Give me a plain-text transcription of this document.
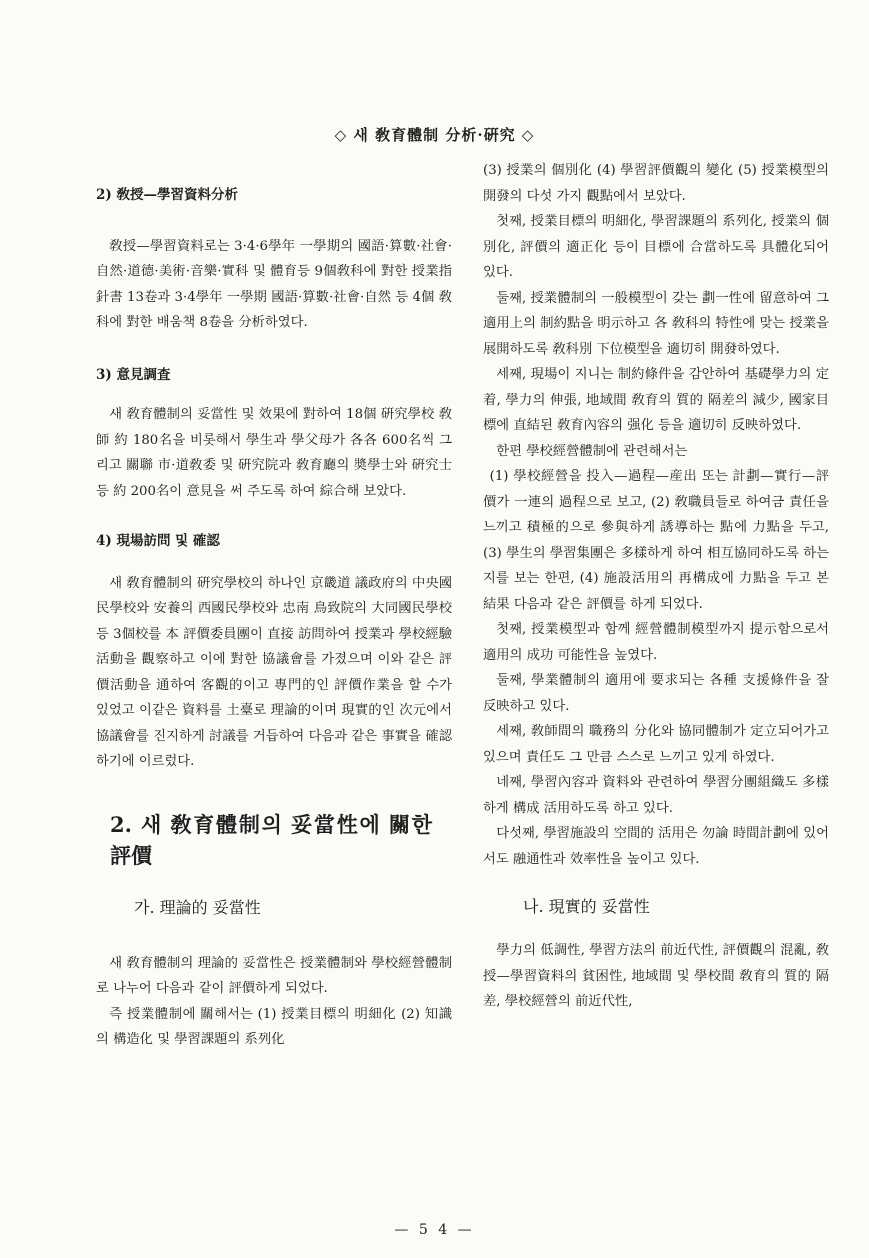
◇ 새 敎育體制 分析·硏究 ◇

2) 敎授—學習資料分析

敎授—學習資料로는 3·4·6學年 一學期의 國語·算數·社會·自然·道德·美術·音樂·實科 및 體育등 9個敎科에 對한 授業指針書 13卷과 3·4學年 一學期 國語·算數·社會·自然 등 4個 敎科에 對한 배움책 8卷을 分析하였다.

3) 意見調査

새 敎育體制의 妥當性 및 效果에 對하여 18個 硏究學校 敎師 約 180名을 비롯해서 學生과 學父母가 各各 600名씩 그리고 關聯 市·道敎委 및 硏究院과 敎育廳의 奬學士와 硏究士 등 約 200名이 意見을 써 주도록 하여 綜合해 보았다.

4) 現場訪問 및 確認

새 敎育體制의 硏究學校의 하나인 京畿道 議政府의 中央國民學校와 安養의 西國民學校와 忠南 鳥致院의 大同國民學校 등 3個校를 本 評價委員團이 直接 訪問하여 授業과 學校經驗活動을 觀察하고 이에 對한 協議會를 가졌으며 이와 같은 評價活動을 通하여 客觀的이고 專門的인 評價作業을 할 수가 있었고 이같은 資料를 土臺로 理論的이며 現實的인 次元에서 協議會를 진지하게 討議를 거듭하여 다음과 같은 事實을 確認하기에 이르렀다.

2. 새 敎育體制의 妥當性에 關한 評價

가. 理論的 妥當性

새 敎育體制의 理論的 妥當性은 授業體制와 學校經營體制로 나누어 다음과 같이 評價하게 되었다.

즉 授業體制에 關해서는 (1) 授業目標의 明細化 (2) 知識의 構造化 및 學習課題의 系列化

(3) 授業의 個別化 (4) 學習評價觀의 變化 (5) 授業模型의 開發의 다섯 가지 觀點에서 보았다.

첫째, 授業目標의 明細化, 學習課題의 系列化, 授業의 個別化, 評價의 適正化 등이 目標에 合當하도록 具體化되어 있다.

둘째, 授業體制의 一般模型이 갖는 劃一性에 留意하여 그 適用上의 制約點을 明示하고 各 敎科의 特性에 맞는 授業을 展開하도록 敎科別 下位模型을 適切히 開發하였다.

세째, 現場이 지니는 制約條件을 감안하여 基礎學力의 定着, 學力의 伸張, 地域間 敎育의 質的 隔差의 減少, 國家目標에 直結된 敎育內容의 强化 등을 適切히 反映하였다.

한편 學校經營體制에 관련해서는

(1) 學校經營을 投入—過程—産出 또는 計劃—實行—評價가 一連의 過程으로 보고, (2) 敎職員들로 하여금 責任을 느끼고 積極的으로 參與하게 誘導하는 點에 力點을 두고, (3) 學生의 學習集團은 多樣하게 하여 相互協同하도록 하는지를 보는 한편, (4) 施設活用의 再構成에 力點을 두고 본 結果 다음과 같은 評價를 하게 되었다.

첫째, 授業模型과 함께 經營體制模型까지 提示함으로서 適用의 成功 可能性을 높였다.

둘째, 學業體制의 適用에 要求되는 各種 支援條件을 잘 反映하고 있다.

세째, 敎師間의 職務의 分化와 協同體制가 定立되어가고 있으며 責任도 그 만큼 스스로 느끼고 있게 하였다.

네째, 學習內容과 資料와 관련하여 學習分團組織도 多樣하게 構成 活用하도록 하고 있다.

다섯째, 學習施設의 空間的 活用은 勿論 時間計劃에 있어서도 融通性과 效率性을 높이고 있다.

나. 現實的 妥當性

學力의 低調性, 學習方法의 前近代性, 評價觀의 混亂, 敎授—學習資料의 貧困性, 地域間 및 學校間 敎育의 質的 隔差, 學校經營의 前近代性,

— 5 4 —
